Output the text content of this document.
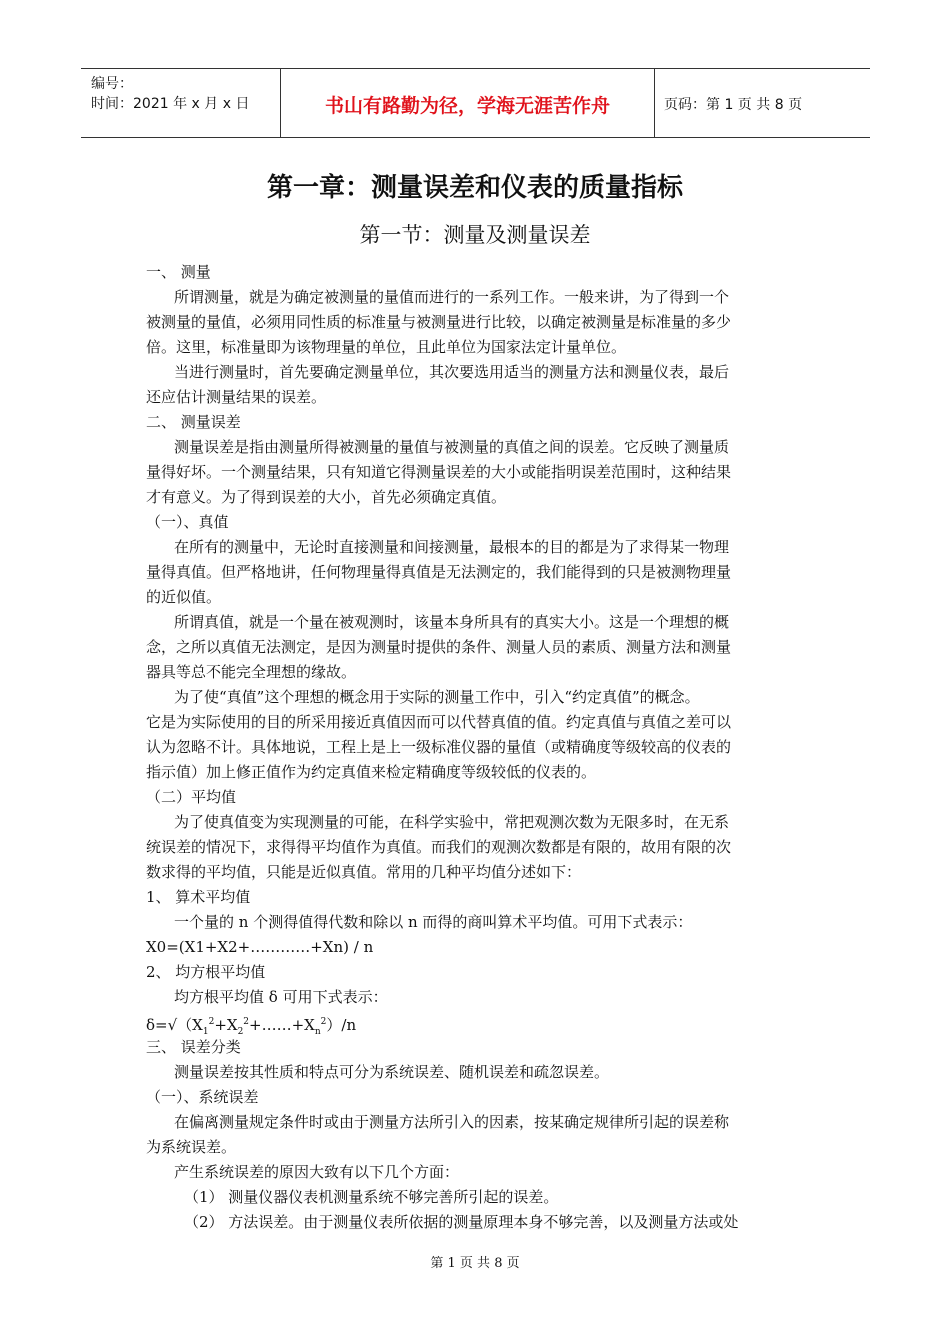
编号：
时间：2021 年 x 月 x 日	书山有路勤为径，学海无涯苦作舟	页码：第 1 页 共 8 页
第一章：测量误差和仪表的质量指标
第一节：测量及测量误差
一、 测量
所谓测量，就是为确定被测量的量值而进行的一系列工作。一般来讲，为了得到一个
被测量的量值，必须用同性质的标准量与被测量进行比较，以确定被测量是标准量的多少
倍。这里，标准量即为该物理量的单位，且此单位为国家法定计量单位。
当进行测量时，首先要确定测量单位，其次要选用适当的测量方法和测量仪表，最后
还应估计测量结果的误差。
二、 测量误差
测量误差是指由测量所得被测量的量值与被测量的真值之间的误差。它反映了测量质
量得好坏。一个测量结果，只有知道它得测量误差的大小或能指明误差范围时，这种结果
才有意义。为了得到误差的大小，首先必须确定真值。
（一）、真值
在所有的测量中，无论时直接测量和间接测量，最根本的目的都是为了求得某一物理
量得真值。但严格地讲，任何物理量得真值是无法测定的，我们能得到的只是被测物理量
的近似值。
所谓真值，就是一个量在被观测时，该量本身所具有的真实大小。这是一个理想的概
念，之所以真值无法测定，是因为测量时提供的条件、测量人员的素质、测量方法和测量
器具等总不能完全理想的缘故。
为了使“真值”这个理想的概念用于实际的测量工作中，引入“约定真值”的概念。
它是为实际使用的目的所采用接近真值因而可以代替真值的值。约定真值与真值之差可以
认为忽略不计。具体地说，工程上是上一级标准仪器的量值（或精确度等级较高的仪表的
指示值）加上修正值作为约定真值来检定精确度等级较低的仪表的。
（二）平均值
为了使真值变为实现测量的可能，在科学实验中，常把观测次数为无限多时，在无系
统误差的情况下，求得得平均值作为真值。而我们的观测次数都是有限的，故用有限的次
数求得的平均值，只能是近似真值。常用的几种平均值分述如下：
1、 算术平均值
一个量的 n 个测得值得代数和除以 n 而得的商叫算术平均值。可用下式表示：
X0=(X1+X2+…………+Xn) / n
2、 均方根平均值
均方根平均值 δ 可用下式表示：
$\delta=√(X_1^2+X_2^2+\dots\dots+X_n^2)/n$
三、 误差分类
测量误差按其性质和特点可分为系统误差、随机误差和疏忽误差。
（一）、系统误差
在偏离测量规定条件时或由于测量方法所引入的因素，按某确定规律所引起的误差称
为系统误差。
产生系统误差的原因大致有以下几个方面：
（1） 测量仪器仪表机测量系统不够完善所引起的误差。
（2） 方法误差。由于测量仪表所依据的测量原理本身不够完善，以及测量方法或处
第 1 页 共 8 页
